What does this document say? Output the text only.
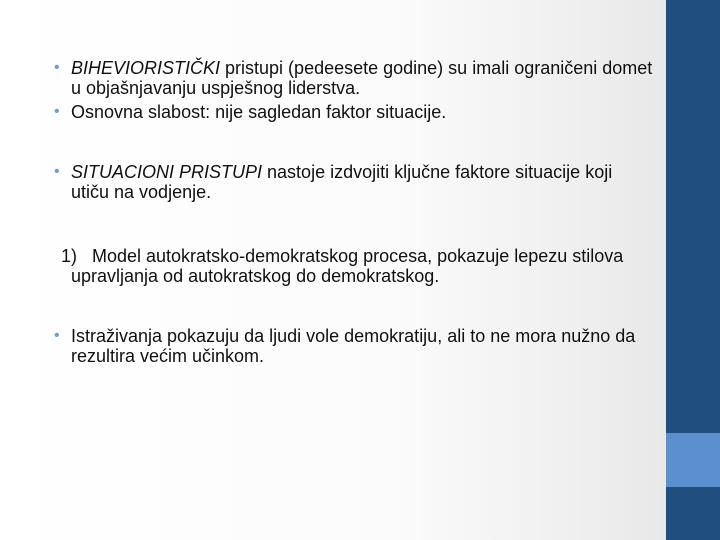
• BIHEVIORISTIČKI pristupi (pedeesete godine) su imali ograničeni domet u objašnjavanju uspješnog liderstva.

• Osnovna slabost: nije sagledan faktor situacije.

• SITUACIONI PRISTUPI nastoje izdvojiti ključne faktore situacije koji utiču na vodjenje.

1) Model autokratsko-demokratskog procesa, pokazuje lepezu stilova upravljanja od autokratskog do demokratskog.

• Istraživanja pokazuju da ljudi vole demokratiju, ali to ne mora nužno da rezultira većim učinkom.
